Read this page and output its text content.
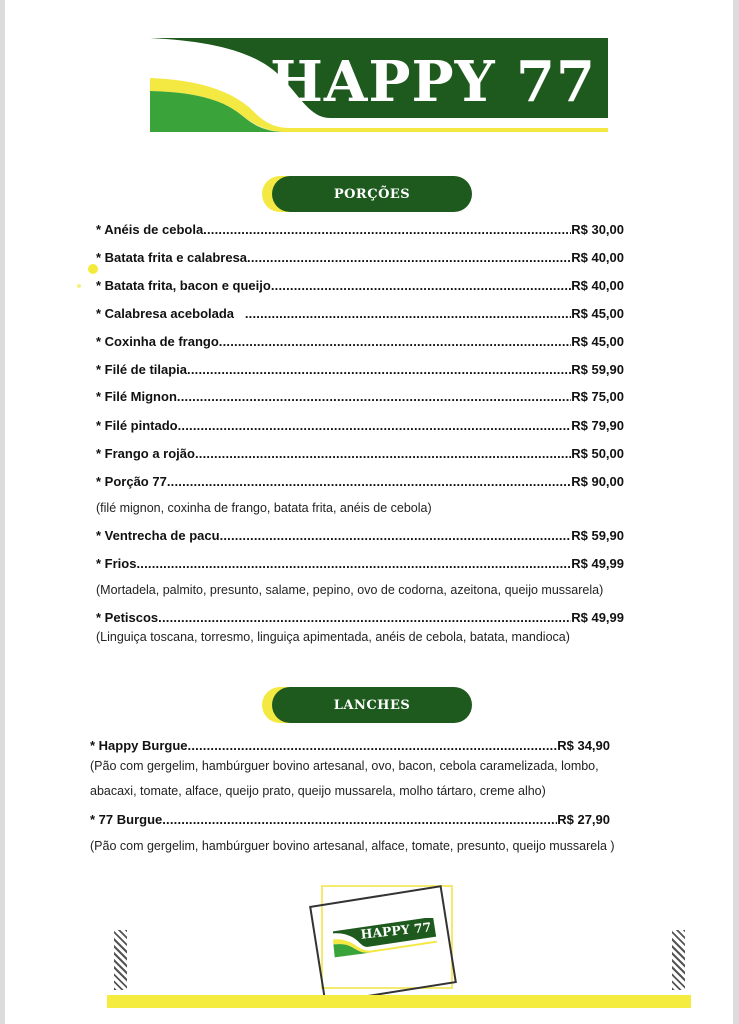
HAPPY 77
PORÇÕES
* Anéis de cebola .....	R$ 30,00
* Batata frita e calabresa .....	R$ 40,00
* Batata frita, bacon e queijo .....	R$ 40,00
* Calabresa acebolada .....	R$ 45,00
* Coxinha de frango .....	R$ 45,00
* Filé de tilapia .....	R$ 59,90
* Filé Mignon .....	R$ 75,00
* Filé pintado .....	R$ 79,90
* Frango a rojão .....	R$ 50,00
* Porção 77 .....	R$ 90,00
(filé mignon, coxinha de frango, batata frita, anéis de cebola)
* Ventrecha de pacu .....	R$ 59,90
* Frios .....	R$ 49,99
(Mortadela, palmito, presunto, salame, pepino, ovo de codorna, azeitona, queijo mussarela)
* Petiscos .....	R$ 49,99
(Linguiça toscana, torresmo, linguiça apimentada, anéis de cebola, batata, mandioca)
LANCHES
* Happy Burgue .....	R$ 34,90
(Pão com gergelim, hambúrguer bovino artesanal, ovo, bacon, cebola caramelizada, lombo,
abacaxi, tomate, alface, queijo prato, queijo mussarela, molho tártaro, creme alho)
* 77 Burgue .....	R$ 27,90
(Pão com gergelim, hambúrguer bovino artesanal, alface, tomate, presunto, queijo mussarela )
HAPPY 77
